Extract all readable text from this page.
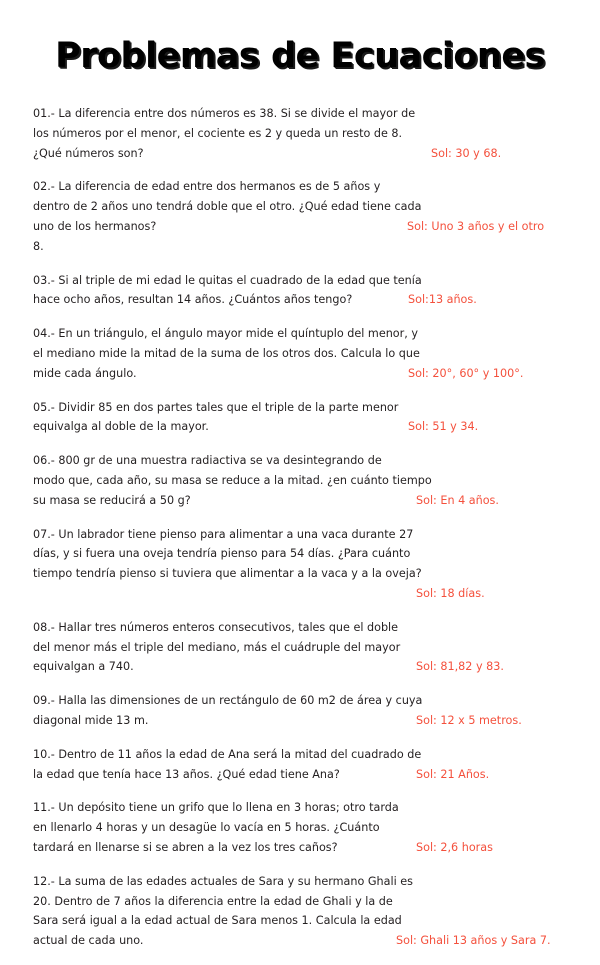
Problemas de Ecuaciones
01.- La diferencia entre dos números es 38. Si se divide el mayor de
los números por el menor, el cociente es 2 y queda un resto de 8.
¿Qué números son?	Sol: 30 y 68.
02.- La diferencia de edad entre dos hermanos es de 5 años y
dentro de 2 años uno tendrá doble que el otro. ¿Qué edad tiene cada
uno de los hermanos?	Sol: Uno 3 años y el otro
8.
03.- Si al triple de mi edad le quitas el cuadrado de la edad que tenía
hace ocho años, resultan 14 años. ¿Cuántos años tengo?	Sol:13 años.
04.- En un triángulo, el ángulo mayor mide el quíntuplo del menor, y
el mediano mide la mitad de la suma de los otros dos. Calcula lo que
mide cada ángulo.	Sol: 20°, 60° y 100°.
05.- Dividir 85 en dos partes tales que el triple de la parte menor
equivalga al doble de la mayor.	Sol: 51 y 34.
06.- 800 gr de una muestra radiactiva se va desintegrando de
modo que, cada año, su masa se reduce a la mitad. ¿en cuánto tiempo
su masa se reducirá a 50 g?	Sol: En 4 años.
07.- Un labrador tiene pienso para alimentar a una vaca durante 27
días, y si fuera una oveja tendría pienso para 54 días. ¿Para cuánto
tiempo tendría pienso si tuviera que alimentar a la vaca y a la oveja?
Sol: 18 días.
08.- Hallar tres números enteros consecutivos, tales que el doble
del menor más el triple del mediano, más el cuádruple del mayor
equivalgan a 740.	Sol: 81,82 y 83.
09.- Halla las dimensiones de un rectángulo de 60 m2 de área y cuya
diagonal mide 13 m.	Sol: 12 x 5 metros.
10.- Dentro de 11 años la edad de Ana será la mitad del cuadrado de
la edad que tenía hace 13 años. ¿Qué edad tiene Ana?	Sol: 21 Años.
11.- Un depósito tiene un grifo que lo llena en 3 horas; otro tarda
en llenarlo 4 horas y un desagüe lo vacía en 5 horas. ¿Cuánto
tardará en llenarse si se abren a la vez los tres caños?	Sol: 2,6 horas
12.- La suma de las edades actuales de Sara y su hermano Ghali es
20. Dentro de 7 años la diferencia entre la edad de Ghali y la de
Sara será igual a la edad actual de Sara menos 1. Calcula la edad
actual de cada uno.	Sol: Ghali 13 años y Sara 7.
